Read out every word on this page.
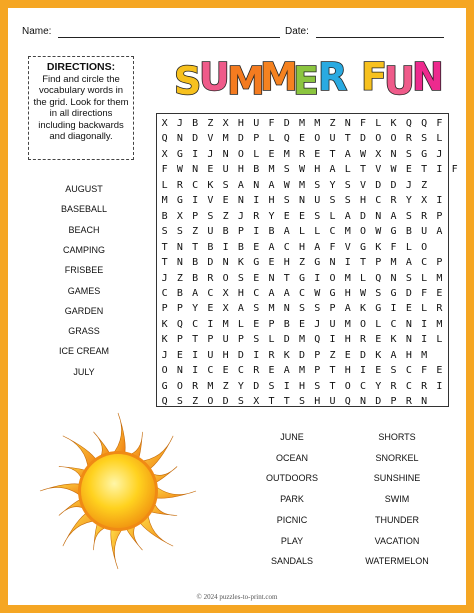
Name:	Date:
DIRECTIONS:
Find and circle the vocabulary words in the grid. Look for them in all directions including backwards and diagonally.
S
U
M
M
E R F
U
N
X J B Z X H U F D M M Z N F L K Q Q F
Q N D V M D P L Q E O U T D O O R S L
X G I J N O L E M R E T A W X N S G J
F W N E U H B M S W H A L T V W E T I F
L R C K S A N A W M S Y S V D D J Z
M G I V E N I H S N U S S H C R Y X I
B X P S Z J R Y E E S L A D N A S R P
S S Z U B P I B A L L C M O W G B U A
T N T B I B E A C H A F V G K F L O
T N B D N K G E H Z G N I T P M A C P
J Z B R O S E N T G I O M L Q N S L M
C B A C X H C A A C W G H W S G D F E
P P Y E X A S M N S S P A K G I E L R
K Q C I M L E P B E J U M O L C N I M
K P T P U P S L D M Q I H R E K N I L
J E I U H D I R K D P Z E D K A H M
O N I C E C R E A M P T H I E S C F E
G O R M Z Y D S I H S T O C Y R C R I
Q S Z O D S X T T S H U Q N D P R N
AUGUST
BASEBALL
BEACH
CAMPING
FRISBEE
GAMES
GARDEN
GRASS
ICE CREAM
JULY
JUNE
OCEAN
OUTDOORS
PARK
PICNIC
PLAY
SANDALS
SHORTS
SNORKEL
SUNSHINE
SWIM
THUNDER
VACATION
WATERMELON
© 2024 puzzles-to-print.com
